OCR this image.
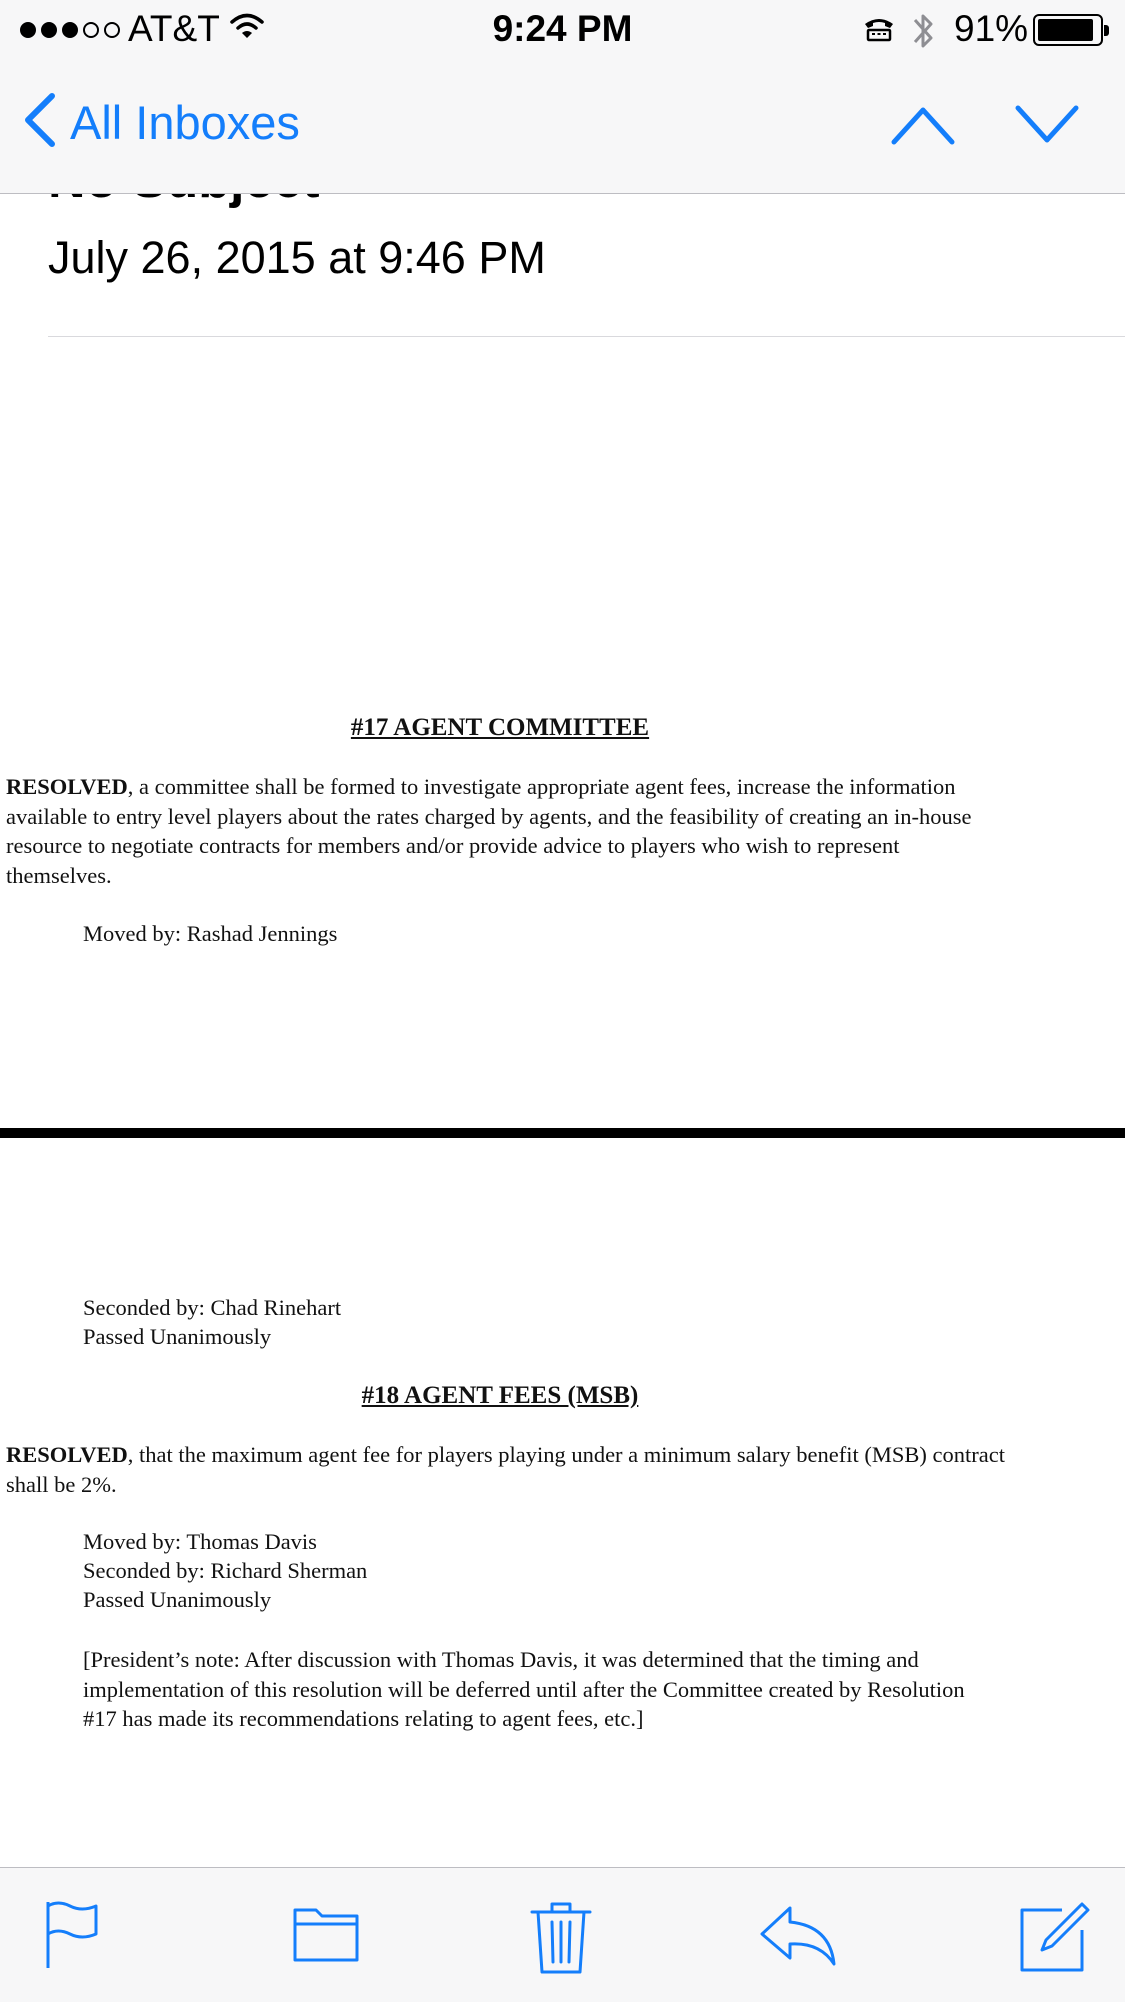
AT&T	9:24 PM	91%
All Inboxes
July 26, 2015 at 9:46 PM
#17 AGENT COMMITTEE

RESOLVED, a committee shall be formed to investigate appropriate agent fees, increase the information available to entry level players about the rates charged by agents, and the feasibility of creating an in-house resource to negotiate contracts for members and/or provide advice to players who wish to represent themselves.

Moved by: Rashad Jennings

Seconded by: Chad Rinehart

Passed Unanimously

#18 AGENT FEES (MSB)

RESOLVED, that the maximum agent fee for players playing under a minimum salary benefit (MSB) contract shall be 2%.

Moved by: Thomas Davis

Seconded by: Richard Sherman

Passed Unanimously

[President’s note: After discussion with Thomas Davis, it was determined that the timing and implementation of this resolution will be deferred until after the Committee created by Resolution #17 has made its recommendations relating to agent fees, etc.]
